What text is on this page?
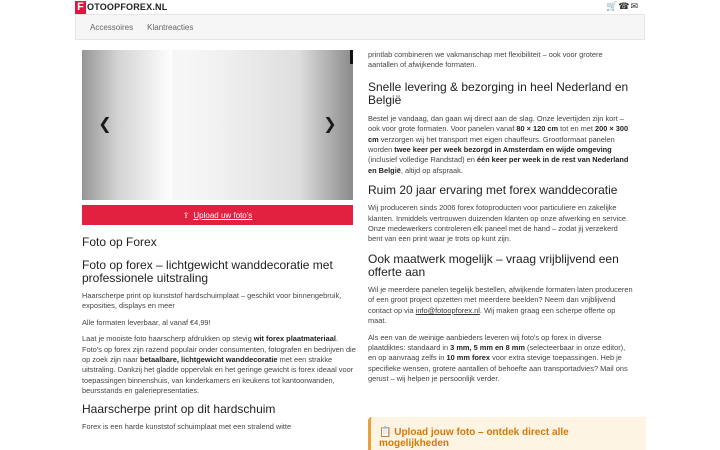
F OTOOPFOREX.NL	🛒 ☎ ✉
Accessoires Klantreacties
❮	❯
⇪ Upload uw foto's
Foto op Forex
Foto op forex – lichtgewicht wanddecoratie met professionele uitstraling

Haarscherpe print op kunststof hardschuimplaat – geschikt voor binnengebruik, exposities, displays en meer

Alle formaten leverbaar, al vanaf €4,99!

Laat je mooiste foto haarscherp afdrukken op stevig wit forex plaatmateriaal. Foto's op forex zijn razend populair onder consumenten, fotografen en bedrijven die op zoek zijn naar betaalbare, lichtgewicht wanddecoratie met een strakke uitstraling. Dankzij het gladde oppervlak en het geringe gewicht is forex ideaal voor toepassingen binnenshuis, van kinderkamers en keukens tot kantoorwanden, beursstands en galeriepresentaties.

Haarscherpe print op dit hardschuim

Forex is een harde kunststof schuimplaat met een stralend witte

printlab combineren we vakmanschap met flexibiliteit – ook voor grotere aantallen of afwijkende formaten.

Snelle levering & bezorging in heel Nederland en België

Bestel je vandaag, dan gaan wij direct aan de slag. Onze levertijden zijn kort – ook voor grote formaten. Voor panelen vanaf 80 × 120 cm tot en met 200 × 300 cm verzorgen wij het transport met eigen chauffeurs. Grootformaat panelen worden twee keer per week bezorgd in Amsterdam en wijde omgeving (inclusief volledige Randstad) en één keer per week in de rest van Nederland en België, altijd op afspraak.

Ruim 20 jaar ervaring met forex wanddecoratie

Wij produceren sinds 2006 forex fotoproducten voor particuliere en zakelijke klanten. Inmiddels vertrouwen duizenden klanten op onze afwerking en service. Onze medewerkers controleren elk paneel met de hand – zodat jij verzekerd bent van een print waar je trots op kunt zijn.

Ook maatwerk mogelijk – vraag vrijblijvend een offerte aan

Wil je meerdere panelen tegelijk bestellen, afwijkende formaten laten produceren of een groot project opzetten met meerdere beelden? Neem dan vrijblijvend contact op via info@fotoopforex.nl. Wij maken graag een scherpe offerte op maat.

Als een van de weinige aanbieders leveren wij foto's op forex in diverse plaatdiktes: standaard in 3 mm, 5 mm en 8 mm (selecteerbaar in onze editor), en op aanvraag zelfs in 10 mm forex voor extra stevige toepassingen. Heb je specifieke wensen, grotere aantallen of behoefte aan transportadvies? Mail ons gerust – wij helpen je persoonlijk verder.

📋 Upload jouw foto – ontdek direct alle mogelijkheden
